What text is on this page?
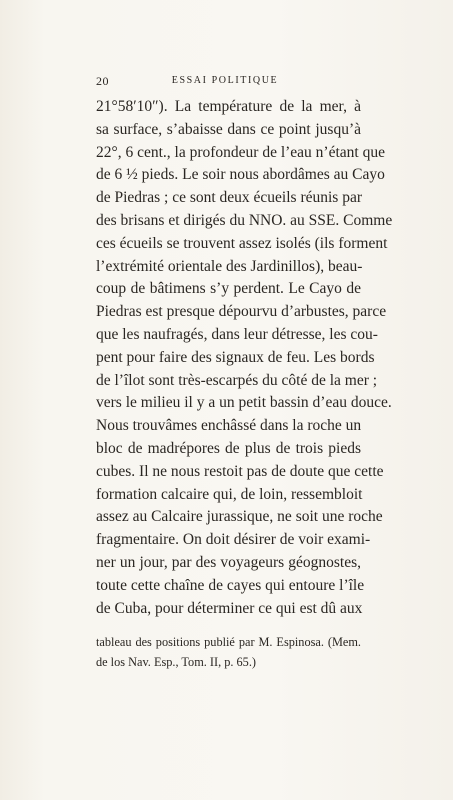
20	ESSAI POLITIQUE
21°58′10″). La température de la mer, à
sa surface, s’abaisse dans ce point jusqu’à
22°, 6 cent., la profondeur de l’eau n’étant que
de 6 ½ pieds. Le soir nous abordâmes au Cayo
de Piedras ; ce sont deux écueils réunis par
des brisans et dirigés du NNO. au SSE. Comme
ces écueils se trouvent assez isolés (ils forment
l’extrémité orientale des Jardinillos), beau-
coup de bâtimens s’y perdent. Le Cayo de
Piedras est presque dépourvu d’arbustes, parce
que les naufragés, dans leur détresse, les cou-
pent pour faire des signaux de feu. Les bords
de l’îlot sont très-escarpés du côté de la mer ;
vers le milieu il y a un petit bassin d’eau douce.
Nous trouvâmes enchâssé dans la roche un
bloc de madrépores de plus de trois pieds
cubes. Il ne nous restoit pas de doute que cette
formation calcaire qui, de loin, ressembloit
assez au Calcaire jurassique, ne soit une roche
fragmentaire. On doit désirer de voir exami-
ner un jour, par des voyageurs géognostes,
toute cette chaîne de cayes qui entoure l’île
de Cuba, pour déterminer ce qui est dû aux
tableau des positions publié par M. Espinosa. (Mem.
de los Nav. Esp., Tom. II, p. 65.)
